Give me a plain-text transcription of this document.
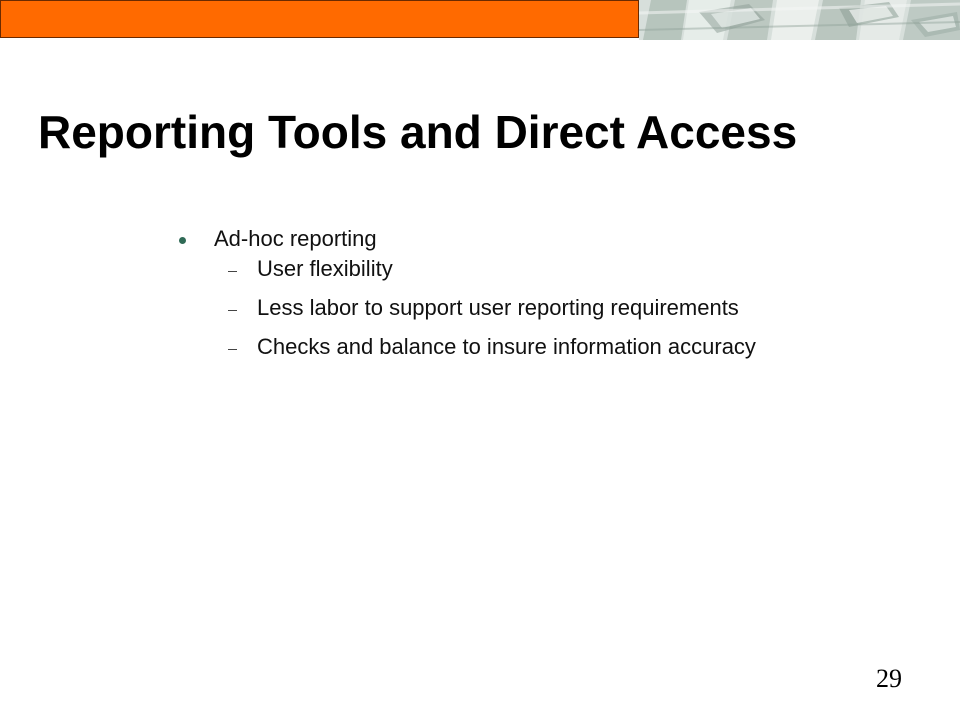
Reporting Tools and Direct Access
Ad-hoc reporting
User flexibility
Less labor to support user reporting requirements
Checks and balance to insure information accuracy
29
